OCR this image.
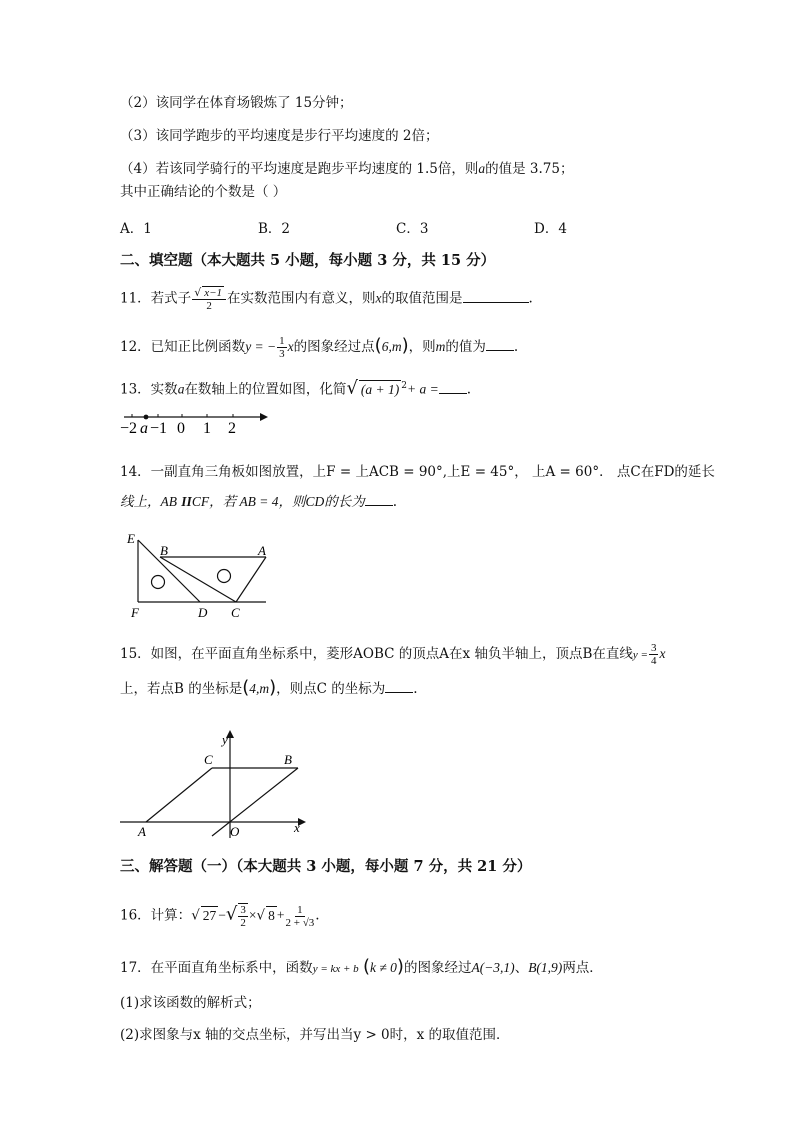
（2）该同学在体育场锻炼了 15分钟；
（3）该同学跑步的平均速度是步行平均速度的 2倍；
（4）若该同学骑行的平均速度是跑步平均速度的 1.5倍，则a的值是 3.75；
其中正确结论的个数是（ ）
A．1	B．2	C．3	D．4
二、填空题（本大题共 5 小题，每小题 3 分，共 15 分）
11．若式子 $\frac{√ x-1}{2}$ 在实数范围内有意义，则x的取值范围是	.
12．已知正比例函数y = − $\frac{1}{3}$ x的图象经过点(6,m)，则m的值为 .
13．实数a在数轴上的位置如图，化简√ (a + 1) $^2$+ a = .
−2 a −1 0 1 2
14．一副直角三角板如图放置，上F = 上ACB = 90°,上E = 45°， 上A = 60°． 点C在FD的延长
线上，AB IICF，若 AB = 4，则CD的长为 .
E
B	A
F	D C
15．如图，在平面直角坐标系中，菱形AOBC 的顶点A在x 轴负半轴上，顶点B在直线$y = \frac{3}{4}$ x
上，若点B 的坐标是(4,m)，则点C 的坐标为 .
y
C	B
A	O	x
三、解答题（一）（本大题共 3 小题，每小题 7 分，共 21 分）
16．计算：√ 27 −√ $\frac{3}{2}$ ×√ $8 + \frac{1}{2 + √3}$ .
17．在平面直角坐标系中，函数y = kx + b (k ≠ 0)的图象经过A(−3,1)、B(1,9)两点．
(1)求该函数的解析式；
(2)求图象与x 轴的交点坐标，并写出当y > 0时，x 的取值范围．
